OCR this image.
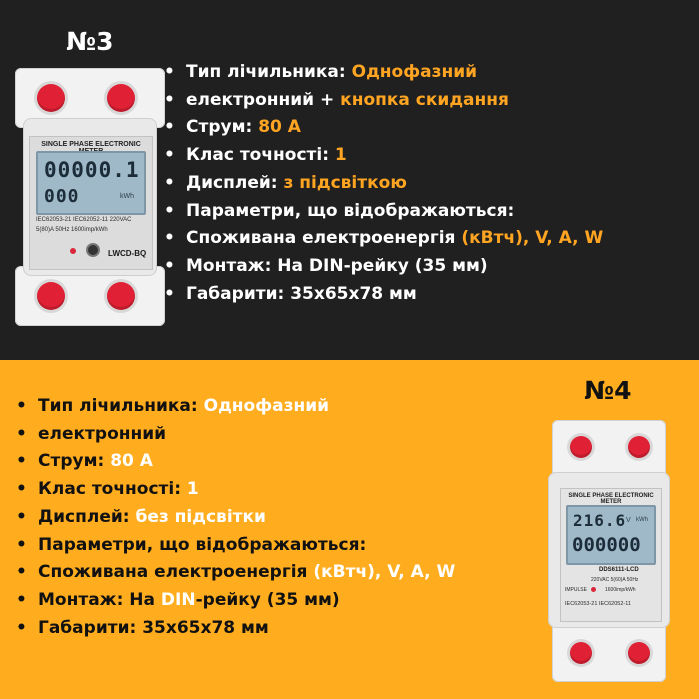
№3
SINGLE PHASE ELECTRONIC
00000.1
000	kWh
IEC62053-21 IEC62052-11 220VAC
5(80)A 50Hz 1600imp/kWh
LWCD-BQ
• Тип лічильника: Однофазний
• електронний + кнопка скидання
• Струм: 80 А
• Клас точності: 1
• Дисплей: з підсвіткою
• Параметри, що відображаються:
• Споживана електроенергія (кВтч), V, A, W
• Монтаж: На DIN-рейку (35 мм)
• Габарити: 35x65x78 мм
• Тип лічильника: Однофазний
• електронний
• Струм: 80 А
• Клас точності: 1
• Дисплей: без підсвітки
• Параметри, що відображаються:
• Споживана електроенергія (кВтч), V, A, W
• Монтаж: На DIN-рейку (35 мм)
• Габарити: 35x65x78 мм
№4
SINGLE PHASE ELECTRONIC METER
216.6 V kWh
000000
DDS6111-LCD
220VAC 5(60)A 50Hz
IMPULSE	1600imp/kWh
IEC62053-21 IEC62052-11
